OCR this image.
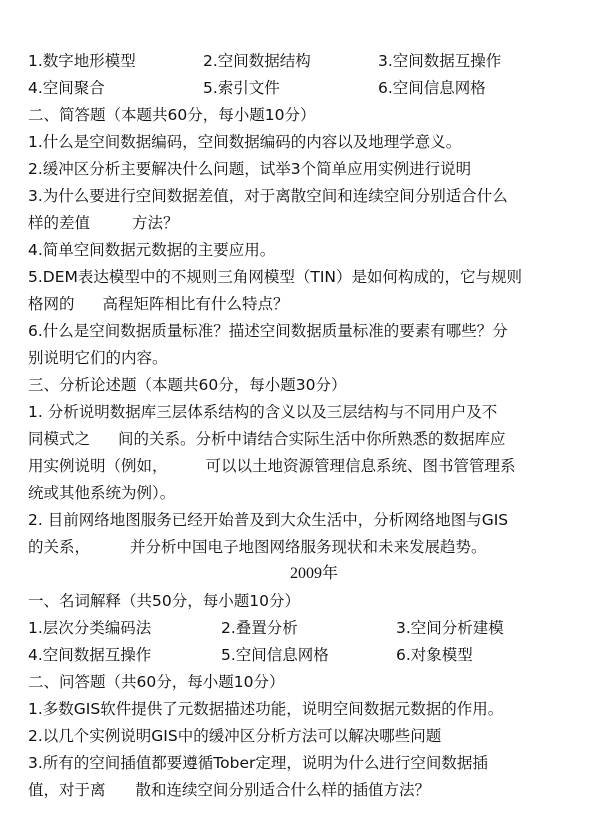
1.数字地形模型	2.空间数据结构	3.空间数据互操作
4.空间聚合	5.索引文件	6.空间信息网格
二、简答题（本题共60分，每小题10分）
1.什么是空间数据编码，空间数据编码的内容以及地理学意义。
2.缓冲区分析主要解决什么问题，试举3个简单应用实例进行说明
3.为什么要进行空间数据差值，对于离散空间和连续空间分别适合什么
样的差值	方法？
4.简单空间数据元数据的主要应用。
5.DEM表达模型中的不规则三角网模型（TIN）是如何构成的，它与规则
格网的 高程矩阵相比有什么特点？
6.什么是空间数据质量标准？描述空间数据质量标准的要素有哪些？分
别说明它们的内容。
三、分析论述题（本题共60分，每小题30分）
1. 分析说明数据库三层体系结构的含义以及三层结构与不同用户及不
同模式之 间的关系。分析中请结合实际生活中你所熟悉的数据库应
用实例说明（例如， 可以以土地资源管理信息系统、图书管管理系
统或其他系统为例）。
2. 目前网络地图服务已经开始普及到大众生活中，分析网络地图与GIS
的关系，	并分析中国电子地图网络服务现状和未来发展趋势。
2009年
一、名词解释（共50分，每小题10分）
1.层次分类编码法	2.叠置分析	3.空间分析建模
4.空间数据互操作	5.空间信息网格	6.对象模型
二、问答题（共60分，每小题10分）
1.多数GIS软件提供了元数据描述功能，说明空间数据元数据的作用。
2.以几个实例说明GIS中的缓冲区分析方法可以解决哪些问题
3.所有的空间插值都要遵循Tober定理，说明为什么进行空间数据插
值，对于离 散和连续空间分别适合什么样的插值方法？
